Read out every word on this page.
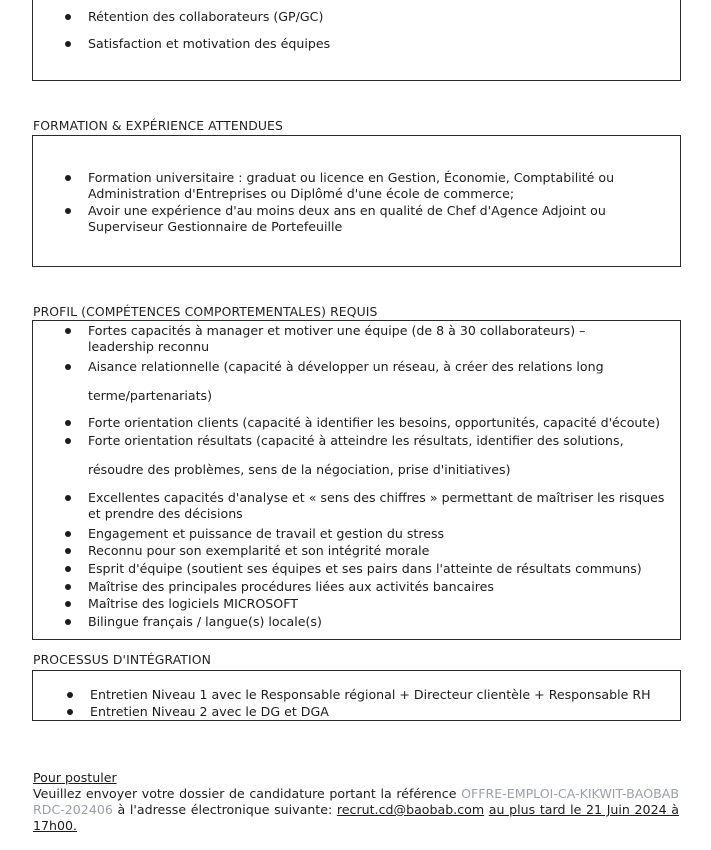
Rétention des collaborateurs (GP/GC)
Satisfaction et motivation des équipes
FORMATION & EXPÉRIENCE ATTENDUES
Formation universitaire : graduat ou licence en Gestion, Économie, Comptabilité ou Administration d'Entreprises ou Diplômé d'une école de commerce;
Avoir une expérience d'au moins deux ans en qualité de Chef d'Agence Adjoint ou Superviseur Gestionnaire de Portefeuille
PROFIL (COMPÉTENCES COMPORTEMENTALES) REQUIS
Fortes capacités à manager et motiver une équipe (de 8 à 30 collaborateurs) – leadership reconnu
Aisance relationnelle (capacité à développer un réseau, à créer des relations long
terme/partenariats)
Forte orientation clients (capacité à identifier les besoins, opportunités, capacité d'écoute)
Forte orientation résultats (capacité à atteindre les résultats, identifier des solutions,
résoudre des problèmes, sens de la négociation, prise d'initiatives)
Excellentes capacités d'analyse et « sens des chiffres » permettant de maîtriser les risques et prendre des décisions
Engagement et puissance de travail et gestion du stress
Reconnu pour son exemplarité et son intégrité morale
Esprit d'équipe (soutient ses équipes et ses pairs dans l'atteinte de résultats communs)
Maîtrise des principales procédures liées aux activités bancaires
Maîtrise des logiciels MICROSOFT
Bilingue français / langue(s) locale(s)
PROCESSUS D'INTÉGRATION
Entretien Niveau 1 avec le Responsable régional + Directeur clientèle + Responsable RH
Entretien Niveau 2 avec le DG et DGA
Pour postuler
Veuillez envoyer votre dossier de candidature portant la référence OFFRE-EMPLOI-CA-KIKWIT-BAOBAB RDC-202406 à l'adresse électronique suivante: recrut.cd@baobab.com au plus tard le 21 Juin 2024 à 17h00.
